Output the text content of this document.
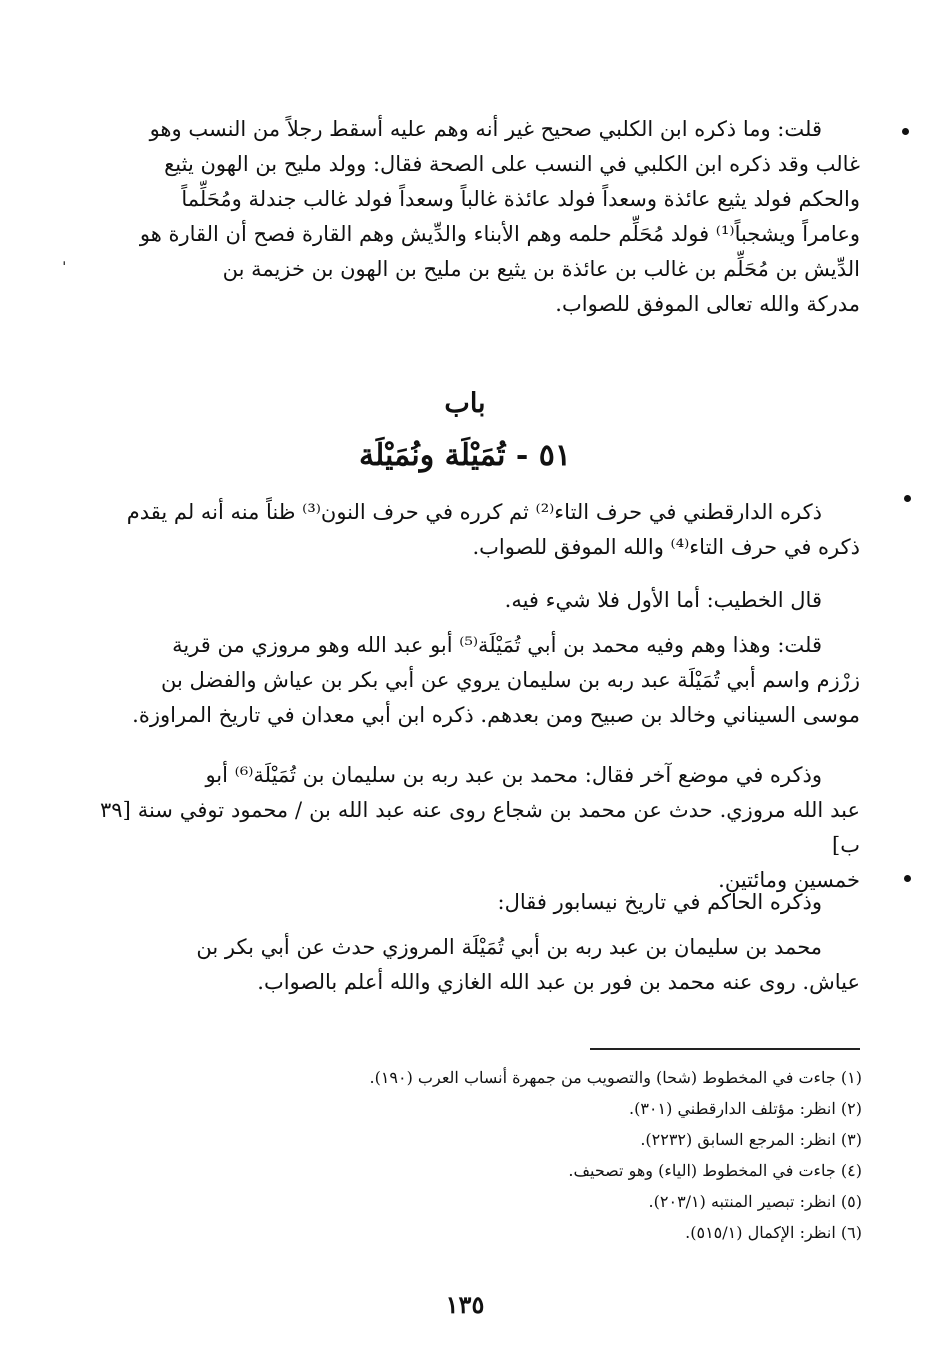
ˌ

قلت: وما ذكره ابن الكلبي صحيح غير أنه وهم عليه أسقط رجلاً من النسب وهو

غالب وقد ذكره ابن الكلبي في النسب على الصحة فقال: وولد مليح بن الهون يثيع

والحكم فولد يثيع عائذة وسعداً فولد عائذة غالباً وسعداً فولد غالب جندلة ومُحَلِّماً

وعامراً ويشجباً⁽¹⁾ فولد مُحَلِّم حلمه وهم الأبناء والدِّيش وهم القارة فصح أن القارة هو

الدِّيش بن مُحَلِّم بن غالب بن عائذة بن يثيع بن مليح بن الهون بن خزيمة بن

مدركة والله تعالى الموفق للصواب.

باب
٥١ - تُمَيْلَة ونُمَيْلَة

ذكره الدارقطني في حرف التاء⁽²⁾ ثم كرره في حرف النون⁽³⁾ ظناً منه أنه لم يقدم

ذكره في حرف التاء⁽⁴⁾ والله الموفق للصواب.

قال الخطيب: أما الأول فلا شيء فيه.

قلت: وهذا وهم وفيه محمد بن أبي تُمَيْلَة⁽⁵⁾ أبو عبد الله وهو مروزي من قرية

زرْزم واسم أبي تُمَيْلَة عبد ربه بن سليمان يروي عن أبي بكر بن عياش والفضل بن

موسى السيناني وخالد بن صبيح ومن بعدهم. ذكره ابن أبي معدان في تاريخ المراوزة.

وذكره في موضع آخر فقال: محمد بن عبد ربه بن سليمان بن تُمَيْلَة⁽⁶⁾ أبو

عبد الله مروزي. حدث عن محمد بن شجاع روى عنه عبد الله بن / محمود توفي سنة [٣٩ ب]

خمسين ومائتين.

وذكره الحاكم في تاريخ نيسابور فقال:

محمد بن سليمان بن عبد ربه بن أبي تُمَيْلَة المروزي حدث عن أبي بكر بن

عياش. روى عنه محمد بن فور بن عبد الله الغازي والله أعلم بالصواب.

(١) جاءت في المخطوط (شحا) والتصويب من جمهرة أنساب العرب (١٩٠).
(٢) انظر: مؤتلف الدارقطني (٣٠١).
(٣) انظر: المرجع السابق (٢٢٣٢).
(٤) جاءت في المخطوط (الياء) وهو تصحيف.
(٥) انظر: تبصير المنتبه (٢٠٣/١).
(٦) انظر: الإكمال (٥١٥/١).
١٣٥
